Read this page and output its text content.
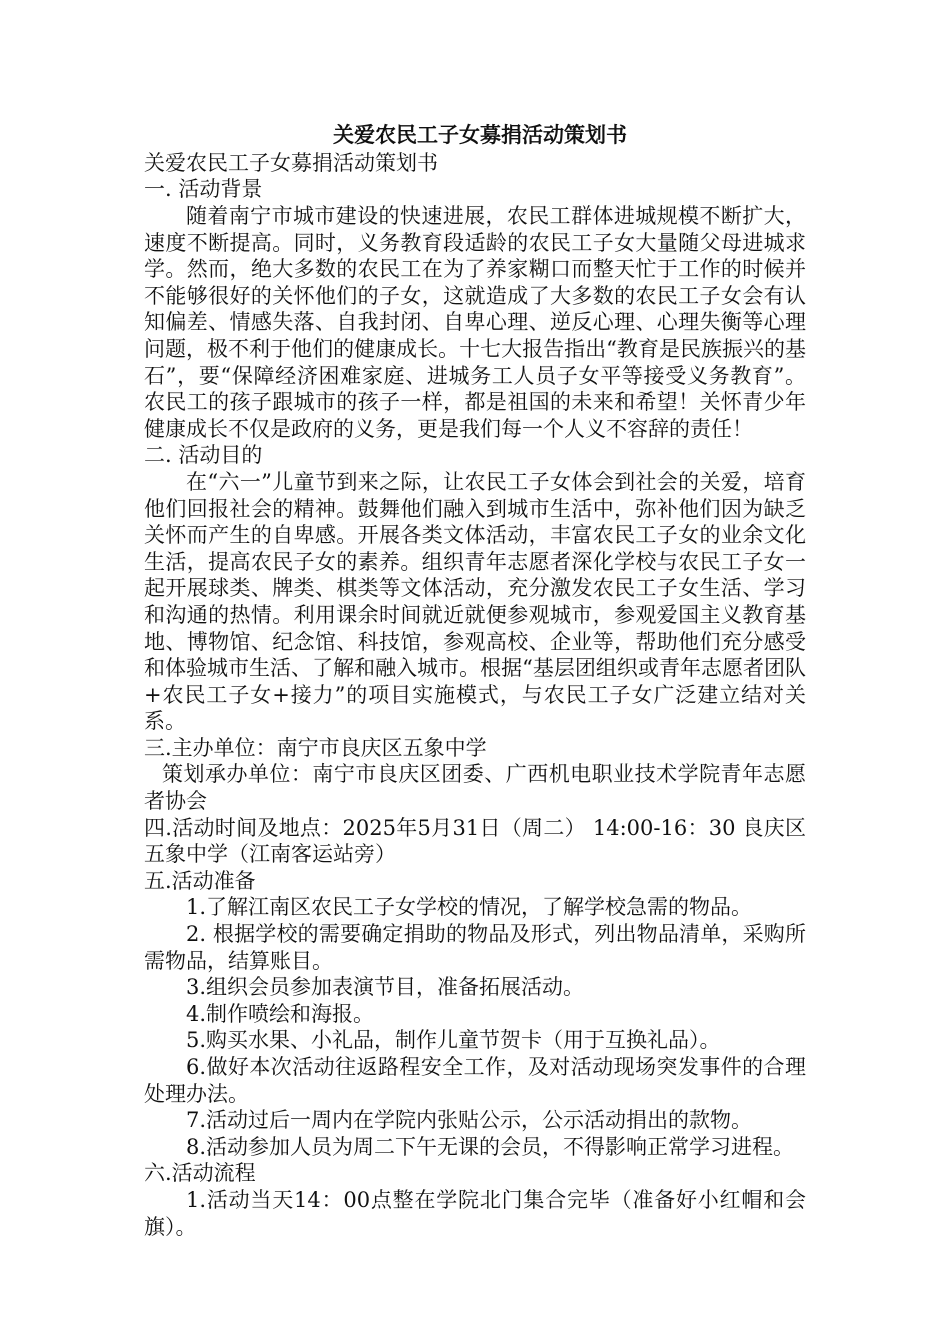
关爱农民工子女募捐活动策划书

关爱农民工子女募捐活动策划书

一. 活动背景

随着南宁市城市建设的快速进展，农民工群体进城规模不断扩大，速度不断提高。同时，义务教育段适龄的农民工子女大量随父母进城求学。然而，绝大多数的农民工在为了养家糊口而整天忙于工作的时候并不能够很好的关怀他们的子女，这就造成了大多数的农民工子女会有认知偏差、情感失落、自我封闭、自卑心理、逆反心理、心理失衡等心理问题，极不利于他们的健康成长。十七大报告指出“教育是民族振兴的基石”，要“保障经济困难家庭、进城务工人员子女平等接受义务教育”。农民工的孩子跟城市的孩子一样，都是祖国的未来和希望！关怀青少年健康成长不仅是政府的义务，更是我们每一个人义不容辞的责任！

二. 活动目的

在“六一”儿童节到来之际，让农民工子女体会到社会的关爱，培育他们回报社会的精神。鼓舞他们融入到城市生活中，弥补他们因为缺乏关怀而产生的自卑感。开展各类文体活动，丰富农民工子女的业余文化生活，提高农民子女的素养。组织青年志愿者深化学校与农民工子女一起开展球类、牌类、棋类等文体活动，充分激发农民工子女生活、学习和沟通的热情。利用课余时间就近就便参观城市，参观爱国主义教育基地、博物馆、纪念馆、科技馆，参观高校、企业等，帮助他们充分感受和体验城市生活、了解和融入城市。根据“基层团组织或青年志愿者团队+农民工子女+接力”的项目实施模式，与农民工子女广泛建立结对关系。

三.主办单位：南宁市良庆区五象中学

策划承办单位：南宁市良庆区团委、广西机电职业技术学院青年志愿者协会

四.活动时间及地点：2025年5月31日（周二） 14:00-16：30 良庆区五象中学（江南客运站旁）

五.活动准备

1.了解江南区农民工子女学校的情况，了解学校急需的物品。

2. 根据学校的需要确定捐助的物品及形式，列出物品清单，采购所需物品，结算账目。

3.组织会员参加表演节目，准备拓展活动。

4.制作喷绘和海报。

5.购买水果、小礼品，制作儿童节贺卡（用于互换礼品）。

6.做好本次活动往返路程安全工作，及对活动现场突发事件的合理处理办法。

7.活动过后一周内在学院内张贴公示，公示活动捐出的款物。

8.活动参加人员为周二下午无课的会员，不得影响正常学习进程。

六.活动流程

1.活动当天14：00点整在学院北门集合完毕（准备好小红帽和会旗）。
